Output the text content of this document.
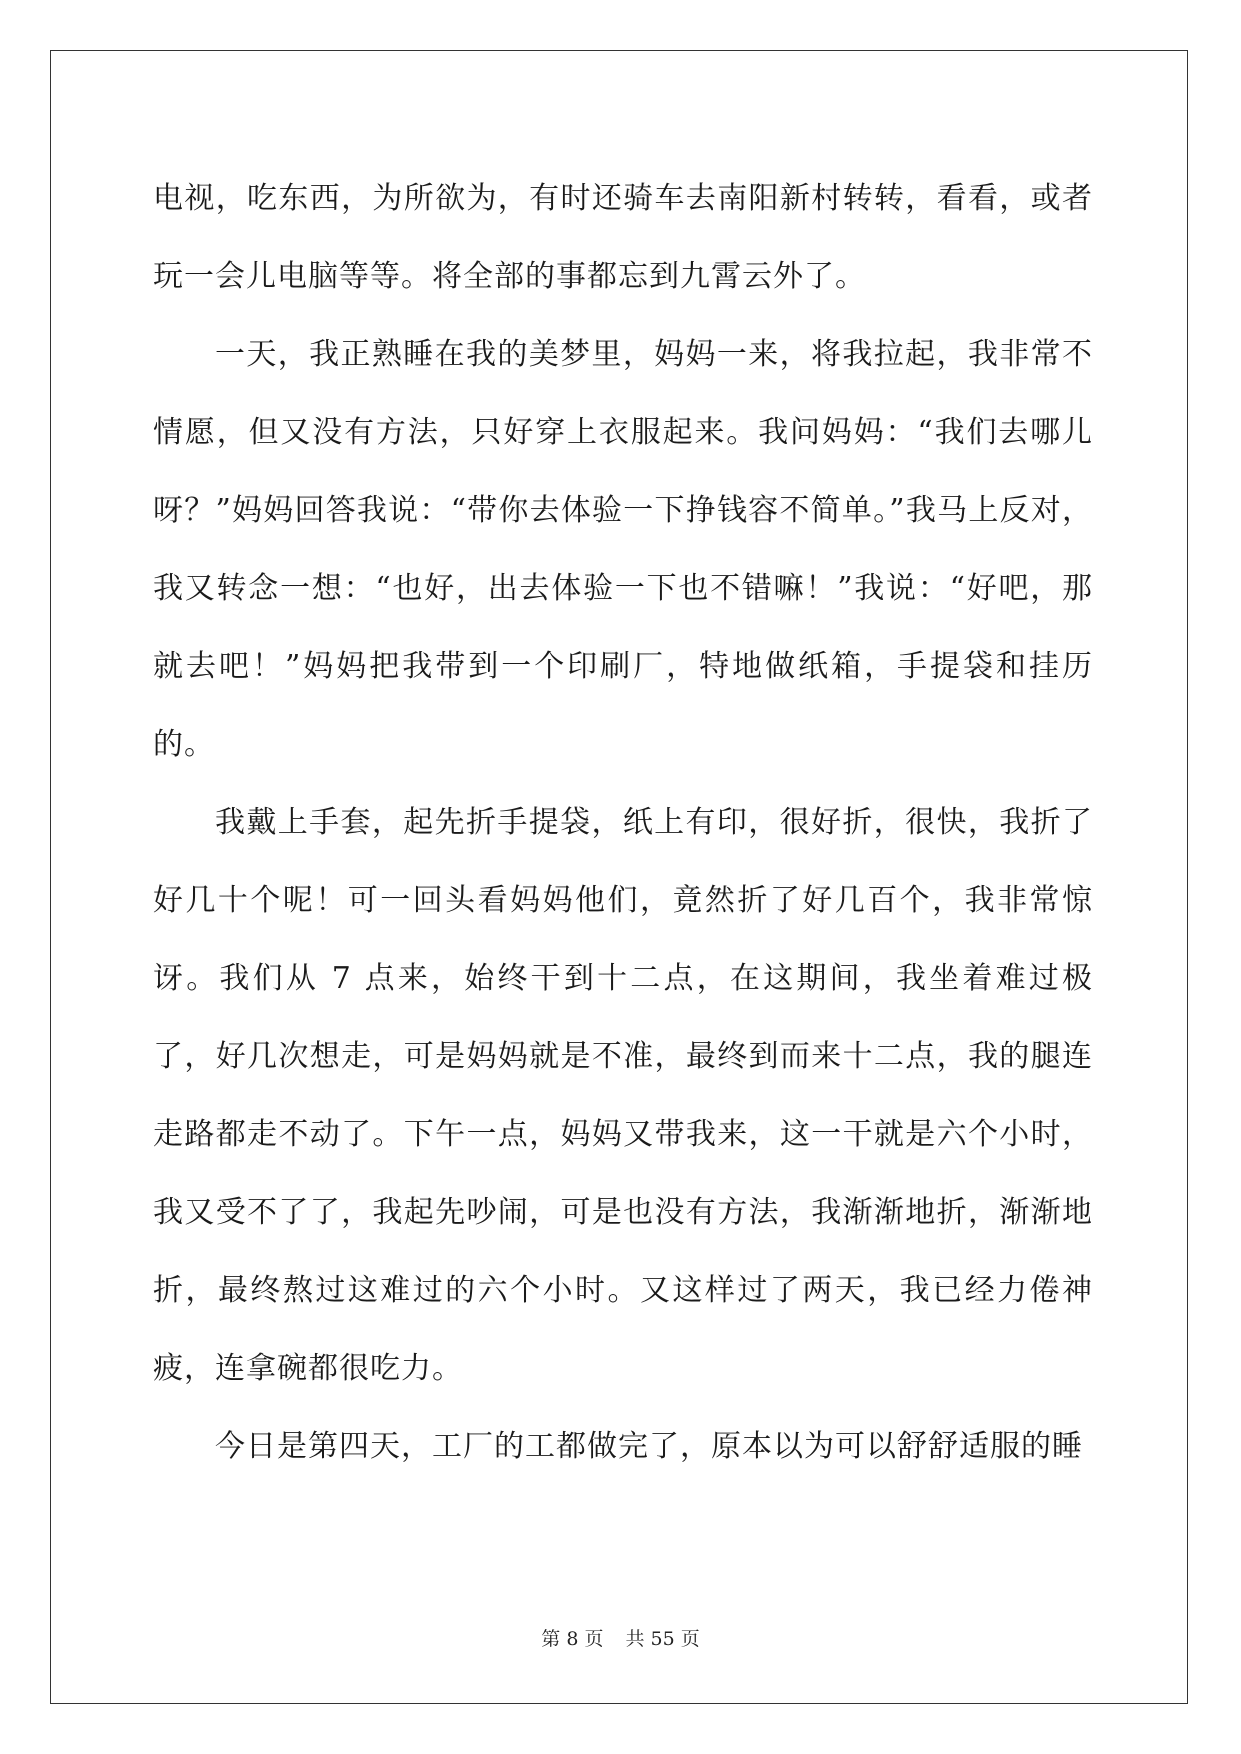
电视，吃东西，为所欲为，有时还骑车去南阳新村转转，看看，或者玩一会儿电脑等等。将全部的事都忘到九霄云外了。

一天，我正熟睡在我的美梦里，妈妈一来，将我拉起，我非常不情愿，但又没有方法，只好穿上衣服起来。我问妈妈：“我们去哪儿呀？”妈妈回答我说：“带你去体验一下挣钱容不简单。”我马上反对，我又转念一想：“也好，出去体验一下也不错嘛！”我说：“好吧，那就去吧！”妈妈把我带到一个印刷厂，特地做纸箱，手提袋和挂历的。

我戴上手套，起先折手提袋，纸上有印，很好折，很快，我折了好几十个呢！可一回头看妈妈他们，竟然折了好几百个，我非常惊讶。我们从 7 点来，始终干到十二点，在这期间，我坐着难过极了，好几次想走，可是妈妈就是不准，最终到而来十二点，我的腿连走路都走不动了。下午一点，妈妈又带我来，这一干就是六个小时，我又受不了了，我起先吵闹，可是也没有方法，我渐渐地折，渐渐地折，最终熬过这难过的六个小时。又这样过了两天，我已经力倦神疲，连拿碗都很吃力。

今日是第四天，工厂的工都做完了，原本以为可以舒舒适服的睡

第 8 页 共 55 页
